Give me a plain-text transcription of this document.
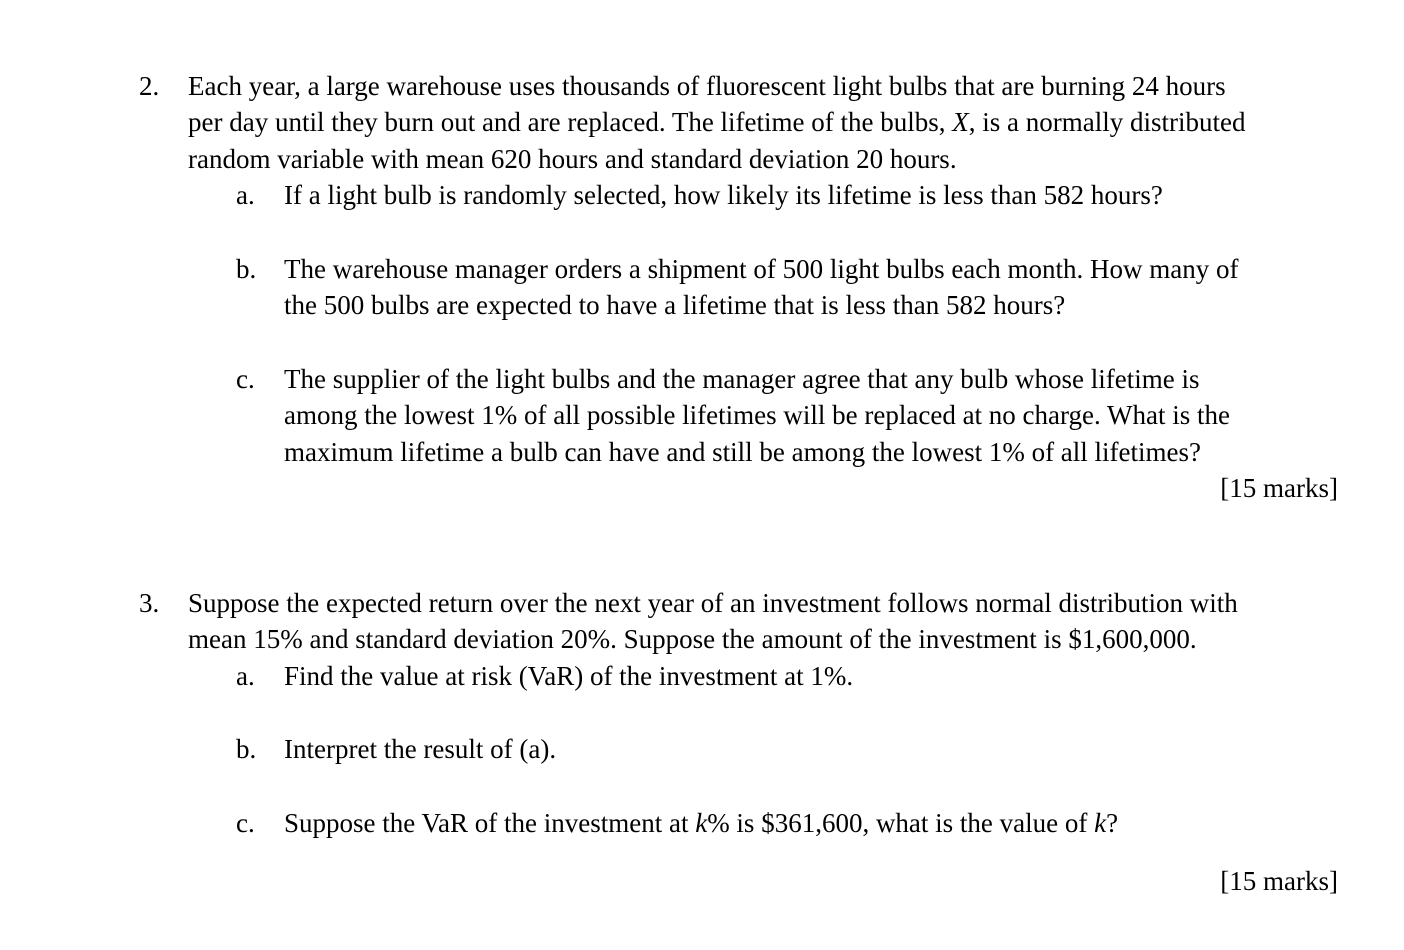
2. Each year, a large warehouse uses thousands of fluorescent light bulbs that are burning 24 hours
per day until they burn out and are replaced. The lifetime of the bulbs, X, is a normally distributed
random variable with mean 620 hours and standard deviation 20 hours.
a. If a light bulb is randomly selected, how likely its lifetime is less than 582 hours?
b. The warehouse manager orders a shipment of 500 light bulbs each month. How many of
the 500 bulbs are expected to have a lifetime that is less than 582 hours?
c. The supplier of the light bulbs and the manager agree that any bulb whose lifetime is
among the lowest 1% of all possible lifetimes will be replaced at no charge. What is the
maximum lifetime a bulb can have and still be among the lowest 1% of all lifetimes?
[15 marks]
3. Suppose the expected return over the next year of an investment follows normal distribution with
mean 15% and standard deviation 20%. Suppose the amount of the investment is $1,600,000.
a. Find the value at risk (VaR) of the investment at 1%.
b. Interpret the result of (a).
c. Suppose the VaR of the investment at k% is $361,600, what is the value of k?
[15 marks]
